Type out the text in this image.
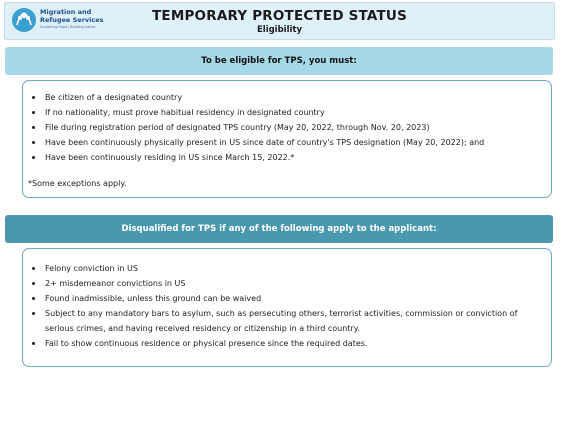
Migration and
Refugee Services
Sustaining Hope | Building Justice
TEMPORARY PROTECTED STATUS
Eligibility
To be eligible for TPS, you must:
Be citizen of a designated country
If no nationality, must prove habitual residency in designated country
File during registration period of designated TPS country (May 20, 2022, through Nov. 20, 2023)
Have been continuously physically present in US since date of country's TPS designation (May 20, 2022); and
Have been continuously residing in US since March 15, 2022.*
*Some exceptions apply.
Disqualified for TPS if any of the following apply to the applicant:
Felony conviction in US
2+ misdemeanor convictions in US
Found inadmissible, unless this ground can be waived
Subject to any mandatory bars to asylum, such as persecuting others, terrorist activities, commission or conviction of serious crimes, and having received residency or citizenship in a third country.
Fail to show continuous residence or physical presence since the required dates.
